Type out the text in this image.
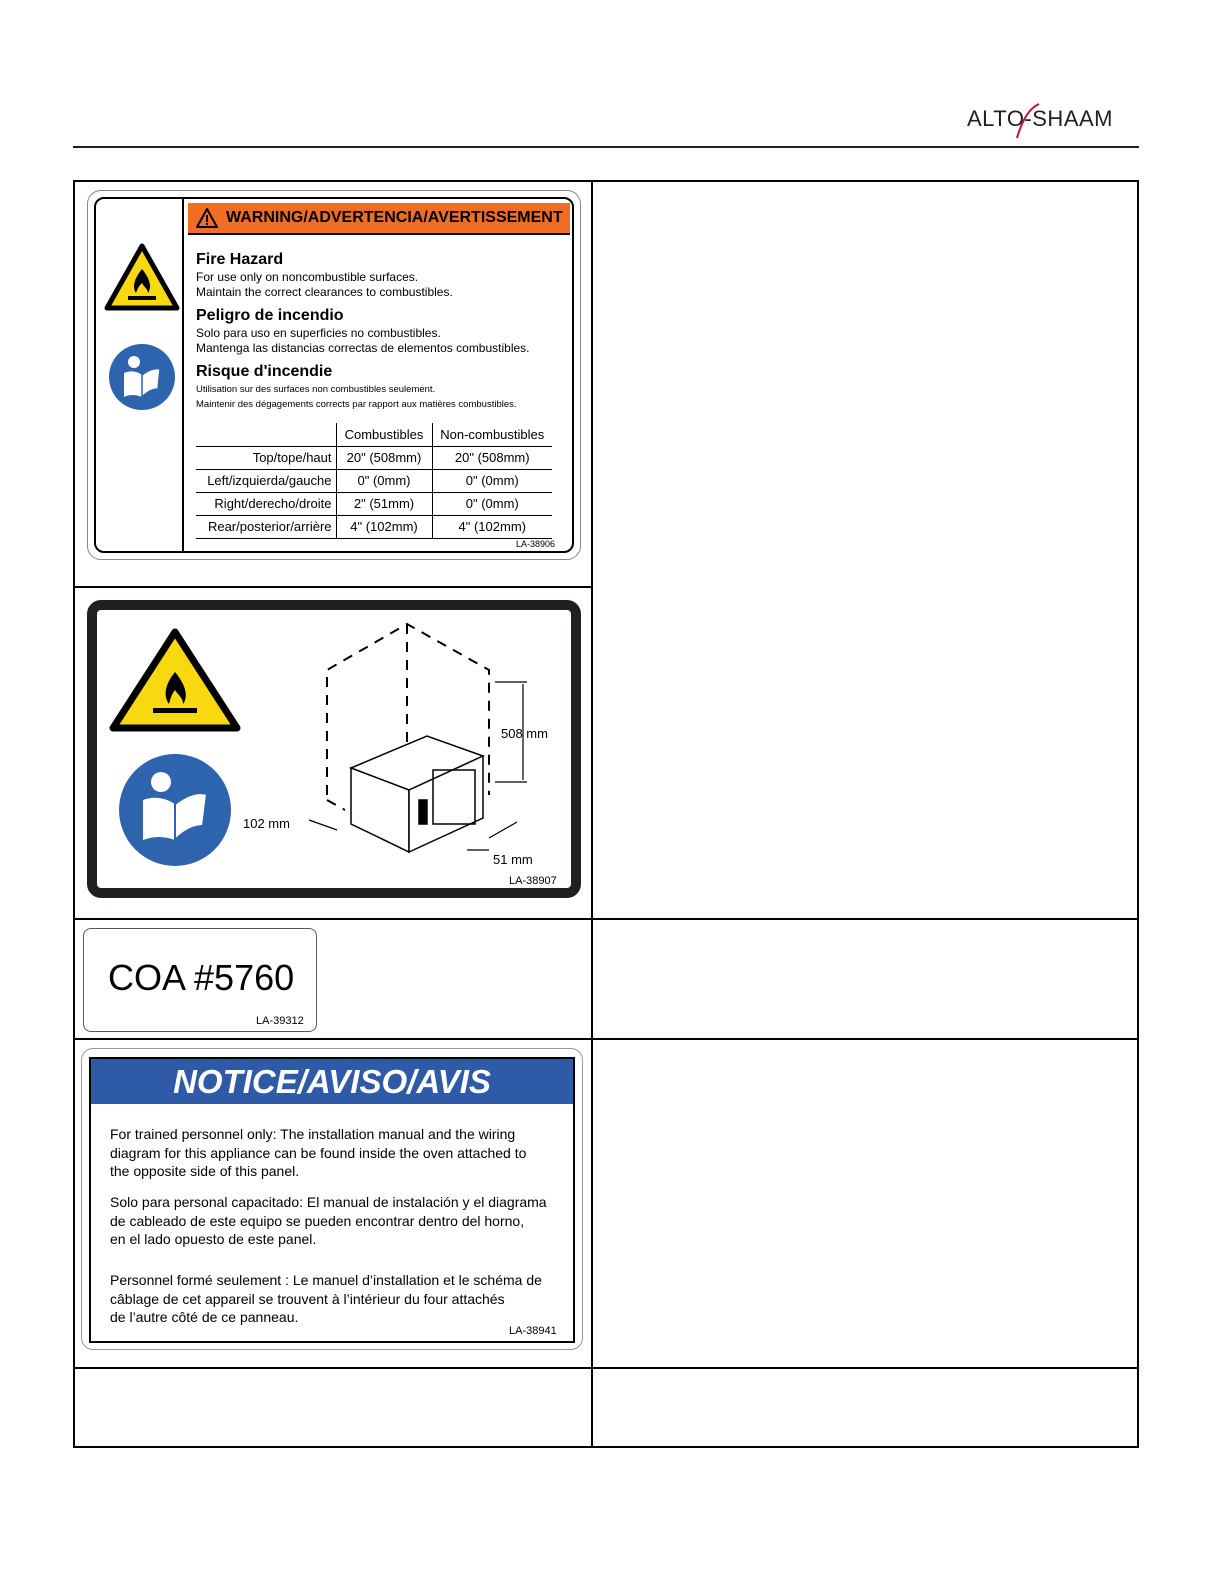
ALTO-SHAAM
WARNING/ADVERTENCIA/AVERTISSEMENT
Fire Hazard
For use only on noncombustible surfaces.
Maintain the correct clearances to combustibles.
Peligro de incendio
Solo para uso en superficies no combustibles.
Mantenga las distancias correctas de elementos combustibles.
Risque d'incendie
Utilisation sur des surfaces non combustibles seulement.
Maintenir des dégagements corrects par rapport aux matières combustibles.
	Combustibles	Non-combustibles
Top/tope/haut	20" (508mm)	20" (508mm)
Left/izquierda/gauche	0" (0mm)	0" (0mm)
Right/derecho/droite	2" (51mm)	0" (0mm)
Rear/posterior/arrière	4" (102mm)	4" (102mm)
LA-38906
508 mm
102 mm
51 mm
LA-38907
COA #5760
LA-39312
NOTICE/AVISO/AVIS
For trained personnel only: The installation manual and the wiring
diagram for this appliance can be found inside the oven attached to
the opposite side of this panel.
Solo para personal capacitado: El manual de instalación y el diagrama
de cableado de este equipo se pueden encontrar dentro del horno,
en el lado opuesto de este panel.
Personnel formé seulement : Le manuel d’installation et le schéma de
câblage de cet appareil se trouvent à l’intérieur du four attachés
de l’autre côté de ce panneau.
LA-38941
